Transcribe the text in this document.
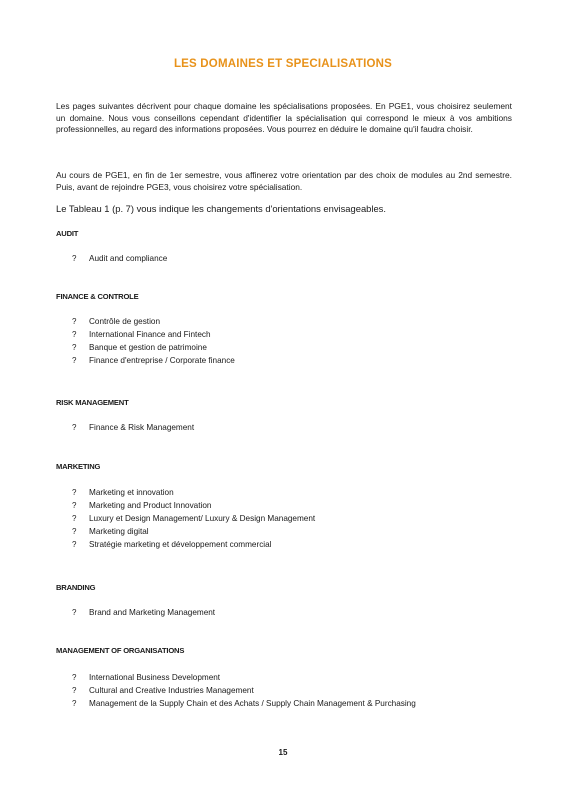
LES DOMAINES ET SPECIALISATIONS
Les pages suivantes décrivent pour chaque domaine les spécialisations proposées. En PGE1, vous choisirez seulement un domaine. Nous vous conseillons cependant d'identifier la spécialisation qui correspond le mieux à vos ambitions professionnelles, au regard des informations proposées. Vous pourrez en déduire le domaine qu'il faudra choisir.
Au cours de PGE1, en fin de 1er semestre, vous affinerez votre orientation par des choix de modules au 2nd semestre. Puis, avant de rejoindre PGE3, vous choisirez votre spécialisation.
Le Tableau 1 (p. 7) vous indique les changements d'orientations envisageables.
AUDIT
? Audit and compliance
FINANCE & CONTROLE
? Contrôle de gestion
? International Finance and Fintech
? Banque et gestion de patrimoine
? Finance d'entreprise / Corporate finance
RISK MANAGEMENT
? Finance & Risk Management
MARKETING
? Marketing et innovation
? Marketing and Product Innovation
? Luxury et Design Management/ Luxury & Design Management
? Marketing digital
? Stratégie marketing et développement commercial
BRANDING
? Brand and Marketing Management
MANAGEMENT OF ORGANISATIONS
? International Business Development
? Cultural and Creative Industries Management
? Management de la Supply Chain et des Achats / Supply Chain Management & Purchasing
15
